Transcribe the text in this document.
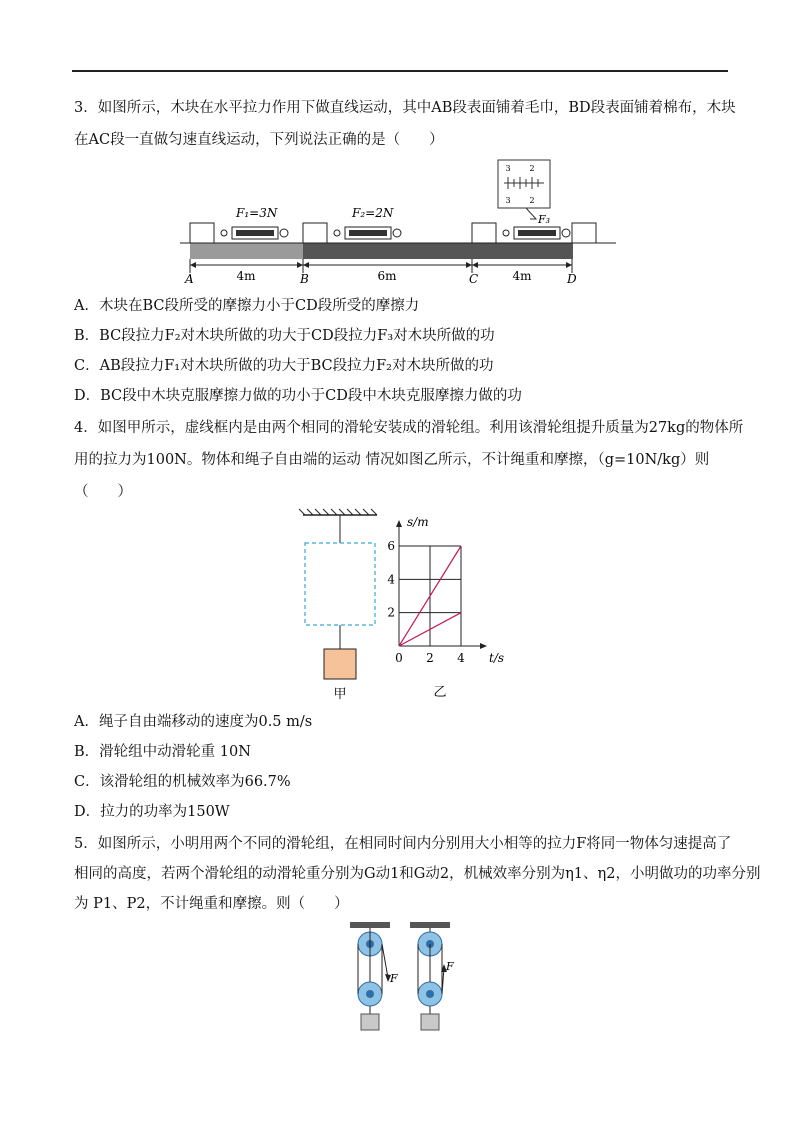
3．如图所示，木块在水平拉力作用下做直线运动，其中AB段表面铺着毛巾，BD段表面铺着棉布，木块
在AC段一直做匀速直线运动，下列说法正确的是（　　）
3 2
3 2
F₁=3N	F₂=2N	F₃
4m	6m	4m
A	B	C	D
A．木块在BC段所受的摩擦力小于CD段所受的摩擦力
B．BC段拉力F₂对木块所做的功大于CD段拉力F₃对木块所做的功
C．AB段拉力F₁对木块所做的功大于BC段拉力F₂对木块所做的功
D．BC段中木块克服摩擦力做的功小于CD段中木块克服摩擦力做的功
4．如图甲所示，虚线框内是由两个相同的滑轮安装成的滑轮组。利用该滑轮组提升质量为27kg的物体所
用的拉力为100N。物体和绳子自由端的运动 情况如图乙所示，不计绳重和摩擦，（g=10N/kg）则
（　　）
甲
0 2 4
2
4
6
t/s
s/m
乙
A．绳子自由端移动的速度为0.5 m/s
B．滑轮组中动滑轮重 10N
C．该滑轮组的机械效率为66.7%
D．拉力的功率为150W
5．如图所示，小明用两个不同的滑轮组，在相同时间内分别用大小相等的拉力F将同一物体匀速提高了
相同的高度，若两个滑轮组的动滑轮重分别为G动1和G动2，机械效率分别为η1、η2，小明做功的功率分别
为 P1、P2，不计绳重和摩擦。则（　　）
F
F
